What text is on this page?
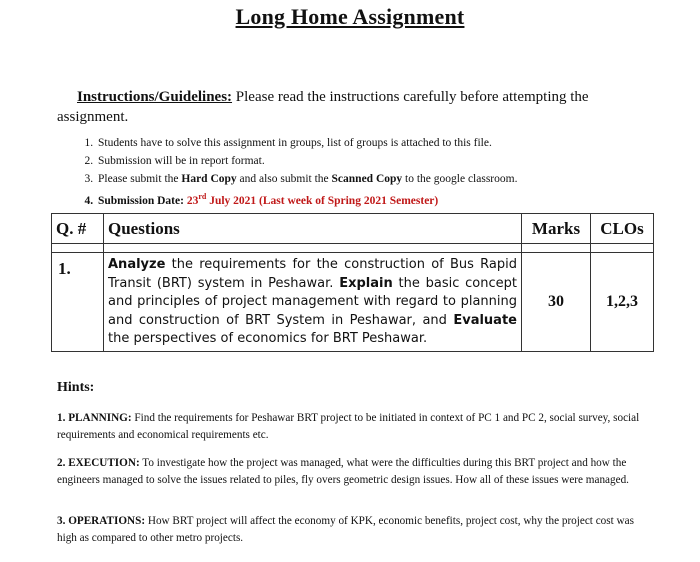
Long Home Assignment
Instructions/Guidelines: Please read the instructions carefully before attempting the assignment.
1. Students have to solve this assignment in groups, list of groups is attached to this file.
2. Submission will be in report format.
3. Please submit the Hard Copy and also submit the Scanned Copy to the google classroom.
4. Submission Date: 23rd July 2021 (Last week of Spring 2021 Semester)
Q. #	Questions	Marks	CLOs

1.	Analyze the requirements for the construction of Bus Rapid Transit (BRT) system in Peshawar. Explain the basic concept and principles of project management with regard to planning and construction of BRT System in Peshawar, and Evaluate the perspectives of economics for BRT Peshawar.	30	1,2,3
Hints:
1. PLANNING: Find the requirements for Peshawar BRT project to be initiated in context of PC 1 and PC 2, social survey, social requirements and economical requirements etc.
2. EXECUTION: To investigate how the project was managed, what were the difficulties during this BRT project and how the engineers managed to solve the issues related to piles, fly overs geometric design issues. How all of these issues were managed.
3. OPERATIONS: How BRT project will affect the economy of KPK, economic benefits, project cost, why the project cost was high as compared to other metro projects.
